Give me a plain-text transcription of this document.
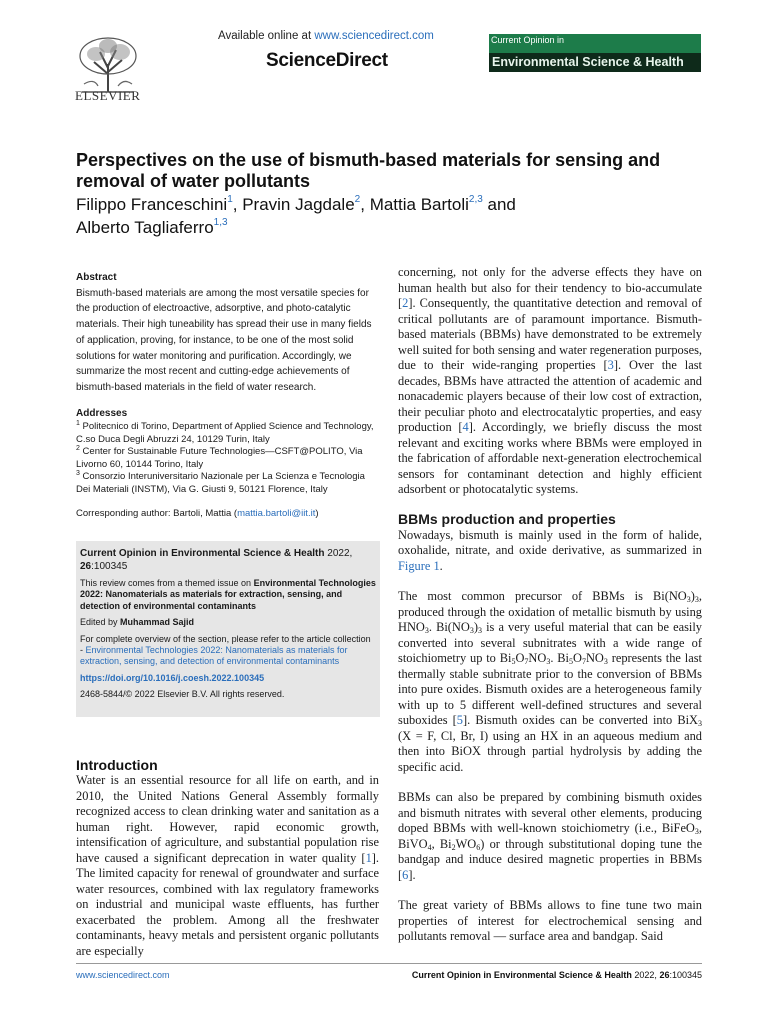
ELSEVIER
Available online at www.sciencedirect.com
ScienceDirect
Current Opinion in
Environmental Science & Health
Perspectives on the use of bismuth-based materials for sensing and removal of water pollutants
Filippo Franceschini$^1$, Pravin Jagdale$^2$, Mattia Bartoli$^{2,3}$ and
Alberto Tagliaferro$^{1,3}$
Abstract
Bismuth-based materials are among the most versatile species for the production of electroactive, adsorptive, and photo-catalytic materials. Their high tuneability has spread their use in many fields of application, proving, for instance, to be one of the most solid solutions for water monitoring and purification. Accordingly, we summarize the most recent and cutting-edge achievements of bismuth-based materials in the field of water research.
Addresses
$^1$ Politecnico di Torino, Department of Applied Science and Technology, C.so Duca Degli Abruzzi 24, 10129 Turin, Italy
$^2$ Center for Sustainable Future Technologies—CSFT@POLITO, Via Livorno 60, 10144 Torino, Italy
$^3$ Consorzio Interuniversitario Nazionale per La Scienza e Tecnologia Dei Materiali (INSTM), Via G. Giusti 9, 50121 Florence, Italy
Corresponding author: Bartoli, Mattia (mattia.bartoli@iit.it)
Current Opinion in Environmental Science & Health 2022,
26:100345
This review comes from a themed issue on Environmental Technologies 2022: Nanomaterials as materials for extraction, sensing, and detection of environmental contaminants
Edited by Muhammad Sajid
For complete overview of the section, please refer to the article collection - Environmental Technologies 2022: Nanomaterials as materials for extraction, sensing, and detection of environmental contaminants
https://doi.org/10.1016/j.coesh.2022.100345
2468-5844/© 2022 Elsevier B.V. All rights reserved.
Introduction
Water is an essential resource for all life on earth, and in 2010, the United Nations General Assembly formally recognized access to clean drinking water and sanitation as a human right. However, rapid economic growth, intensification of agriculture, and substantial population rise have caused a significant deprecation in water quality [1]. The limited capacity for renewal of groundwater and surface water resources, combined with lax regulatory frameworks on industrial and municipal waste effluents, has further exacerbated the problem. Among all the freshwater contaminants, heavy metals and persistent organic pollutants are especially

concerning, not only for the adverse effects they have on human health but also for their tendency to bio-accumulate [2]. Consequently, the quantitative detection and removal of critical pollutants are of paramount importance. Bismuth-based materials (BBMs) have demonstrated to be extremely well suited for both sensing and water regeneration purposes, due to their wide-ranging properties [3]. Over the last decades, BBMs have attracted the attention of academic and nonacademic players because of their low cost of extraction, their peculiar photo and electrocatalytic properties, and easy production [4]. Accordingly, we briefly discuss the most relevant and exciting works where BBMs were employed in the fabrication of affordable next-generation electrochemical sensors for contaminant detection and highly efficient adsorbent or photocatalytic systems.

BBMs production and properties

Nowadays, bismuth is mainly used in the form of halide, oxohalide, nitrate, and oxide derivative, as summarized in Figure 1.

The most common precursor of BBMs is $Bi(NO_3)_3$, produced through the oxidation of metallic bismuth by using $HNO_3$. $Bi(NO_3)_3$ is a very useful material that can be easily converted into several subnitrates with a wide range of stoichiometry up to $Bi_5O_7NO_3$. $Bi_5O_7NO_3$ represents the last thermally stable subnitrate prior to the conversion of BBMs into pure oxides. Bismuth oxides are a heterogeneous family with up to 5 different well-defined structures and several suboxides [5]. Bismuth oxides can be converted into BiX$_3$ (X = F, Cl, Br, I) using an HX in an aqueous medium and then into BiOX through partial hydrolysis by adding the specific acid.

BBMs can also be prepared by combining bismuth oxides and bismuth nitrates with several other elements, producing doped BBMs with well-known stoichiometry (i.e., BiFeO$_3$, BiVO$_4$, $Bi_2WO_6$) or through substitutional doping tune the bandgap and induce desired magnetic properties in BBMs [6].

The great variety of BBMs allows to fine tune two main properties of interest for electrochemical sensing and pollutants removal — surface area and bandgap. Said

www.sciencedirect.com	Current Opinion in Environmental Science & Health 2022, 26:100345
